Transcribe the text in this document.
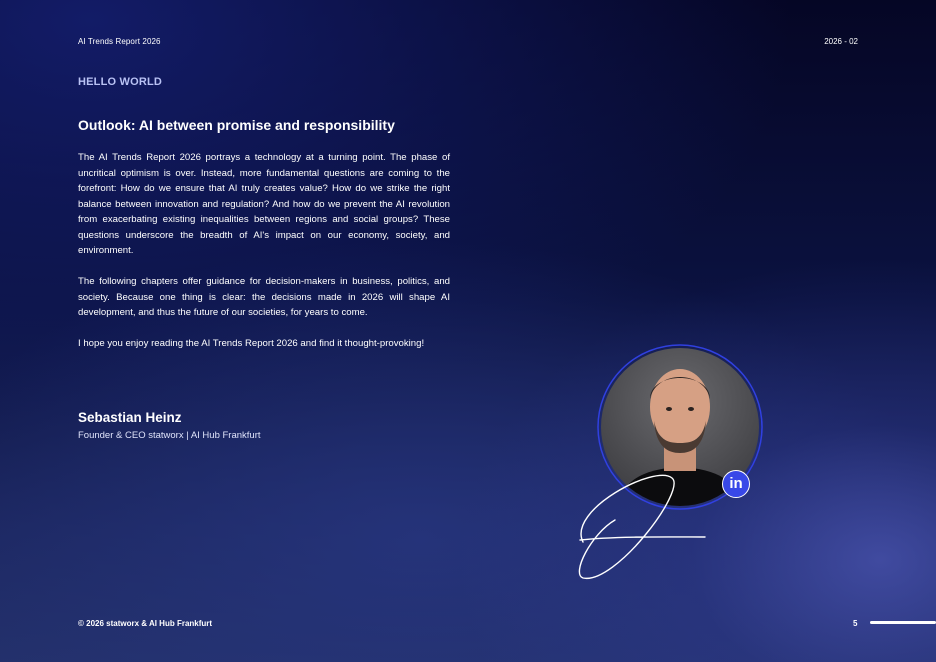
AI Trends Report 2026	2026 - 02
HELLO WORLD
Outlook: AI between promise and responsibility

The AI Trends Report 2026 portrays a technology at a turning point. The phase of uncritical optimism is over. Instead, more fundamental questions are coming to the forefront: How do we ensure that AI truly creates value? How do we strike the right balance between innovation and regulation? And how do we prevent the AI revolution from exacerbating existing inequalities between regions and social groups? These questions underscore the breadth of AI's impact on our economy, society, and environment.

The following chapters offer guidance for decision-makers in business, politics, and society. Because one thing is clear: the decisions made in 2026 will shape AI development, and thus the future of our societies, for years to come.

I hope you enjoy reading the AI Trends Report 2026 and find it thought-provoking!

Sebastian Heinz
Founder & CEO statworx | AI Hub Frankfurt
in
© 2026 statworx & AI Hub Frankfurt	5
